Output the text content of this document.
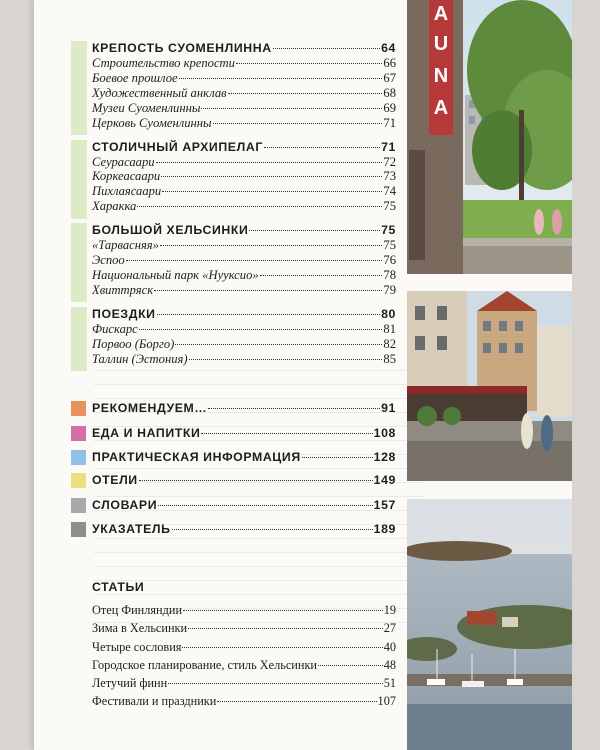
КРЕПОСТЬ СУОМЕНЛИННА	64
Строительство крепости	66
Боевое прошлое	67
Художественный анклав	68
Музеи Суоменлинны	69
Церковь Суоменлинны	71
СТОЛИЧНЫЙ АРХИПЕЛАГ	71
Сеурасаари	72
Коркеасаари	73
Пихлаясаари	74
Харакка	75
БОЛЬШОЙ ХЕЛЬСИНКИ	75
«Тарвасняя»	75
Эспоо	76
Национальный парк «Нууксио»	78
Хвиттряск	79
ПОЕЗДКИ	80
Фискарс	81
Порвоо (Борго)	82
Таллин (Эстония)	85
РЕКОМЕНДУЕМ…	91
ЕДА И НАПИТКИ	108
ПРАКТИЧЕСКАЯ ИНФОРМАЦИЯ	128
ОТЕЛИ	149
СЛОВАРИ	157
УКАЗАТЕЛЬ	189
СТАТЬИ
Отец Финляндии	19
Зима в Хельсинки	27
Четыре сословия	40
Городское планирование, стиль Хельсинки	48
Летучий финн	51
Фестивали и праздники	107
A
U
N
A
